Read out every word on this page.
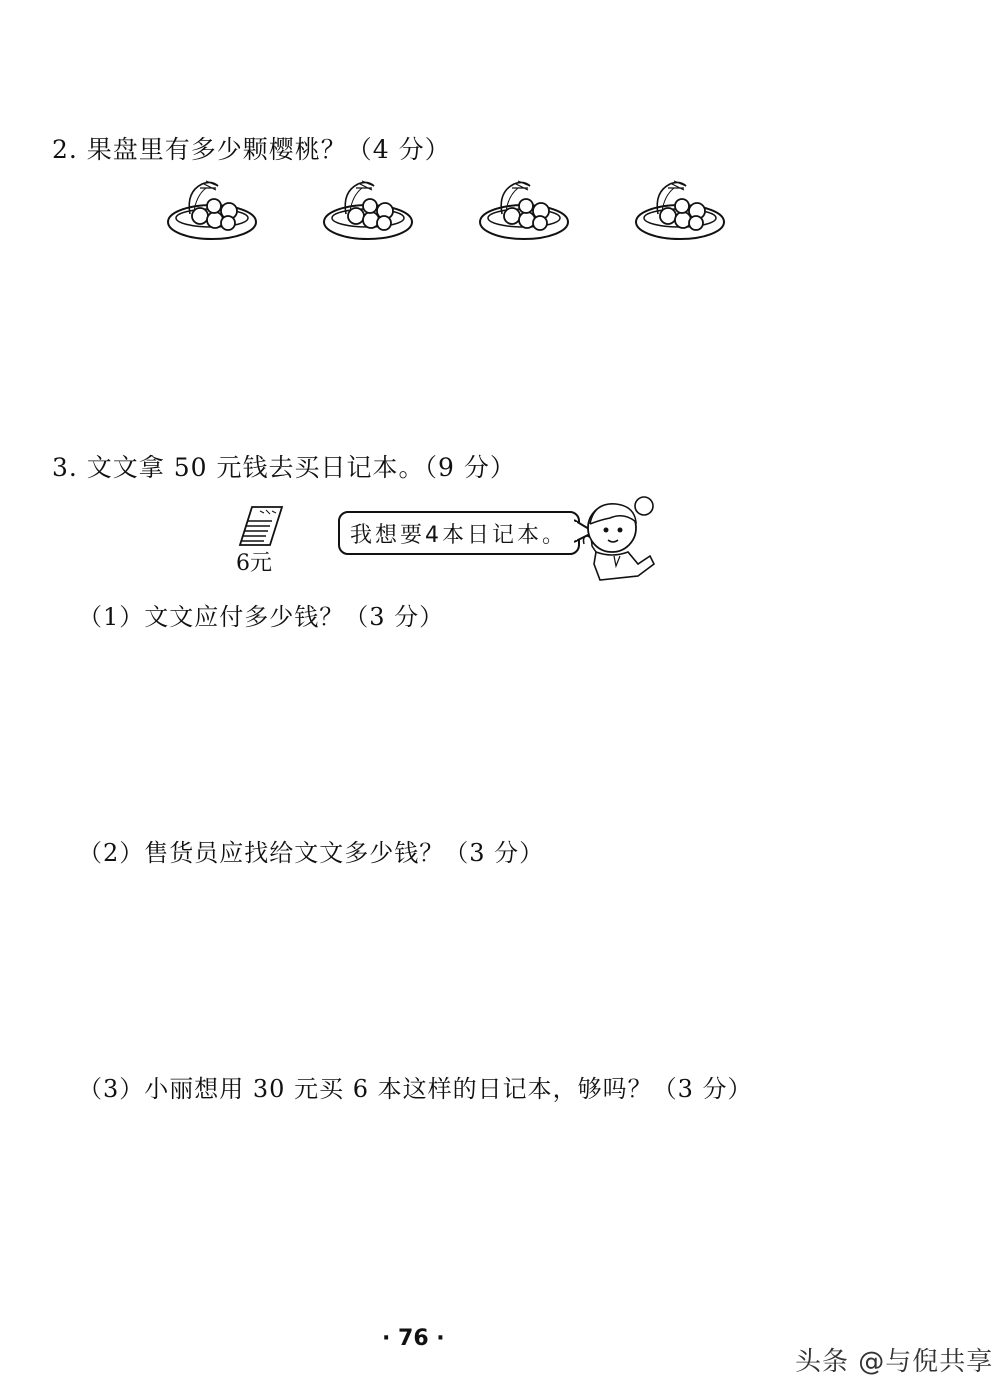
2. 果盘里有多少颗樱桃？（4 分）
3. 文文拿 50 元钱去买日记本。（9 分）
6元
我想要4本日记本。
（1）文文应付多少钱？（3 分）
（2）售货员应找给文文多少钱？（3 分）
（3）小丽想用 30 元买 6 本这样的日记本，够吗？（3 分）
· 76 ·
头条 @与倪共享
